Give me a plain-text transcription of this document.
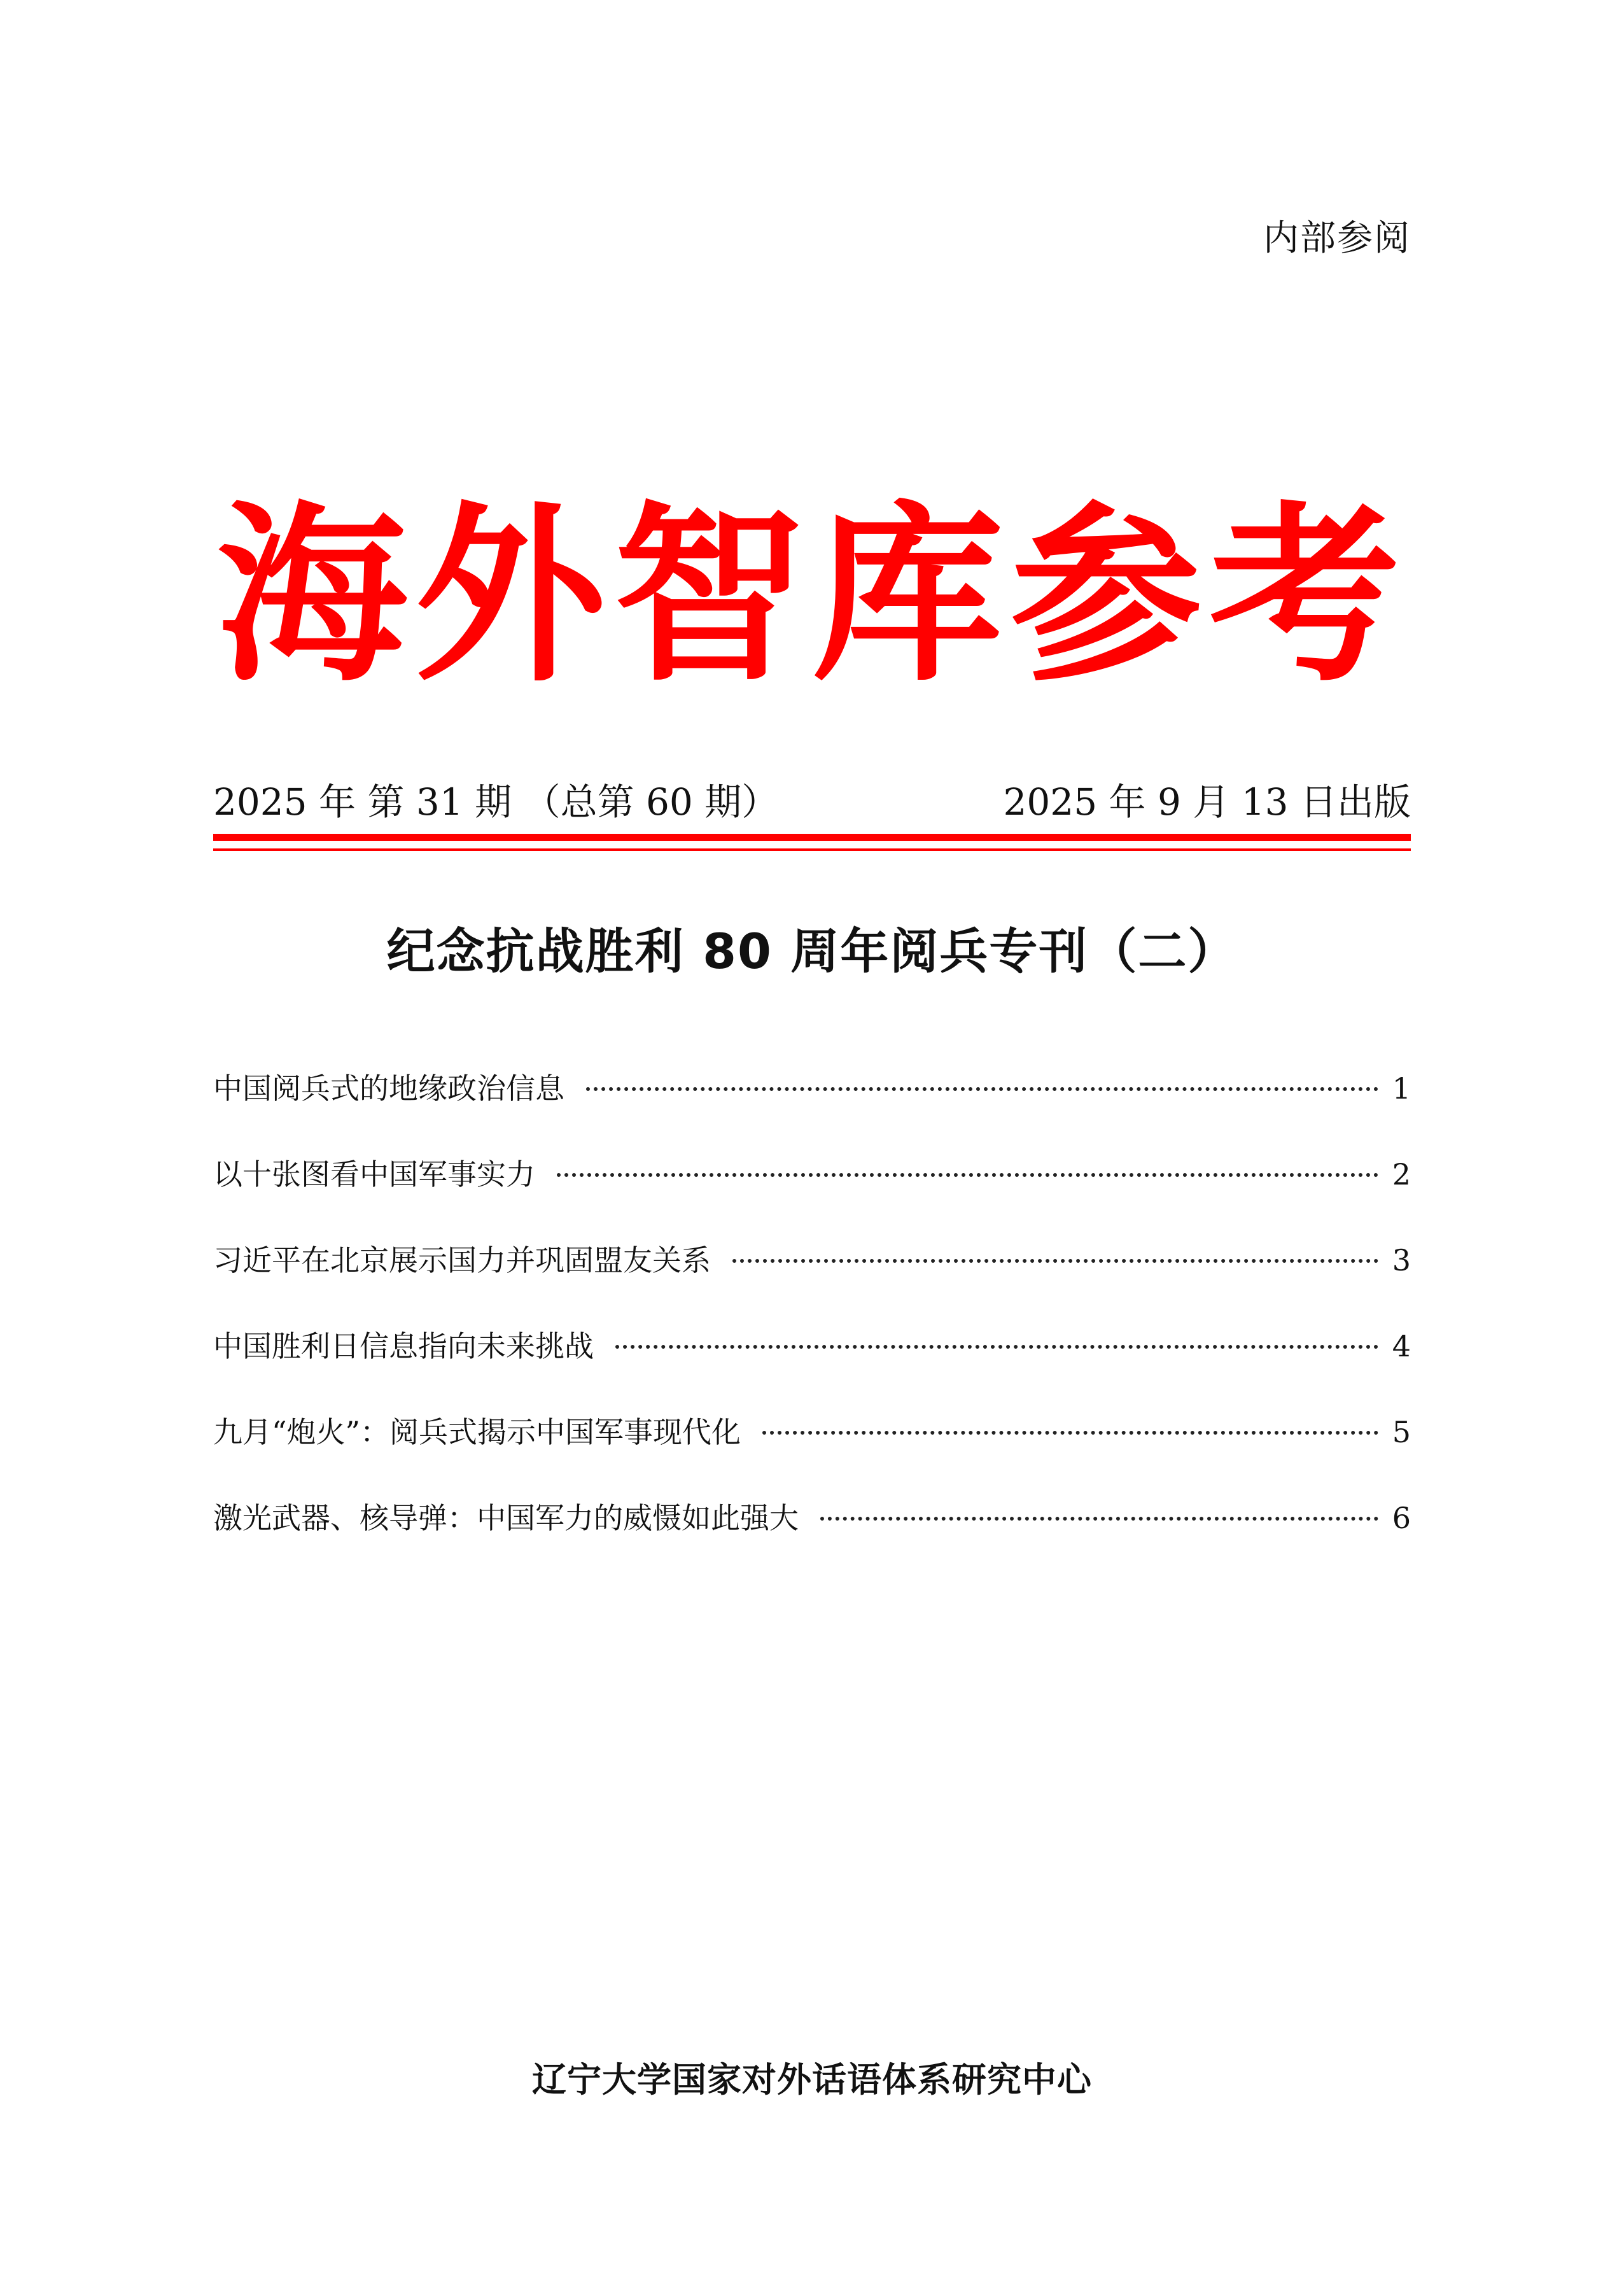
内部参阅
海外智库参考
2025 年 第 31 期 （总第 60 期）	2025 年 9 月 13 日出版
纪念抗战胜利 80 周年阅兵专刊（二）
中国阅兵式的地缘政治信息	1
以十张图看中国军事实力	2
习近平在北京展示国力并巩固盟友关系	3
中国胜利日信息指向未来挑战	4
九月“炮火”：阅兵式揭示中国军事现代化	5
激光武器、核导弹：中国军力的威慑如此强大	6
辽宁大学国家对外话语体系研究中心
